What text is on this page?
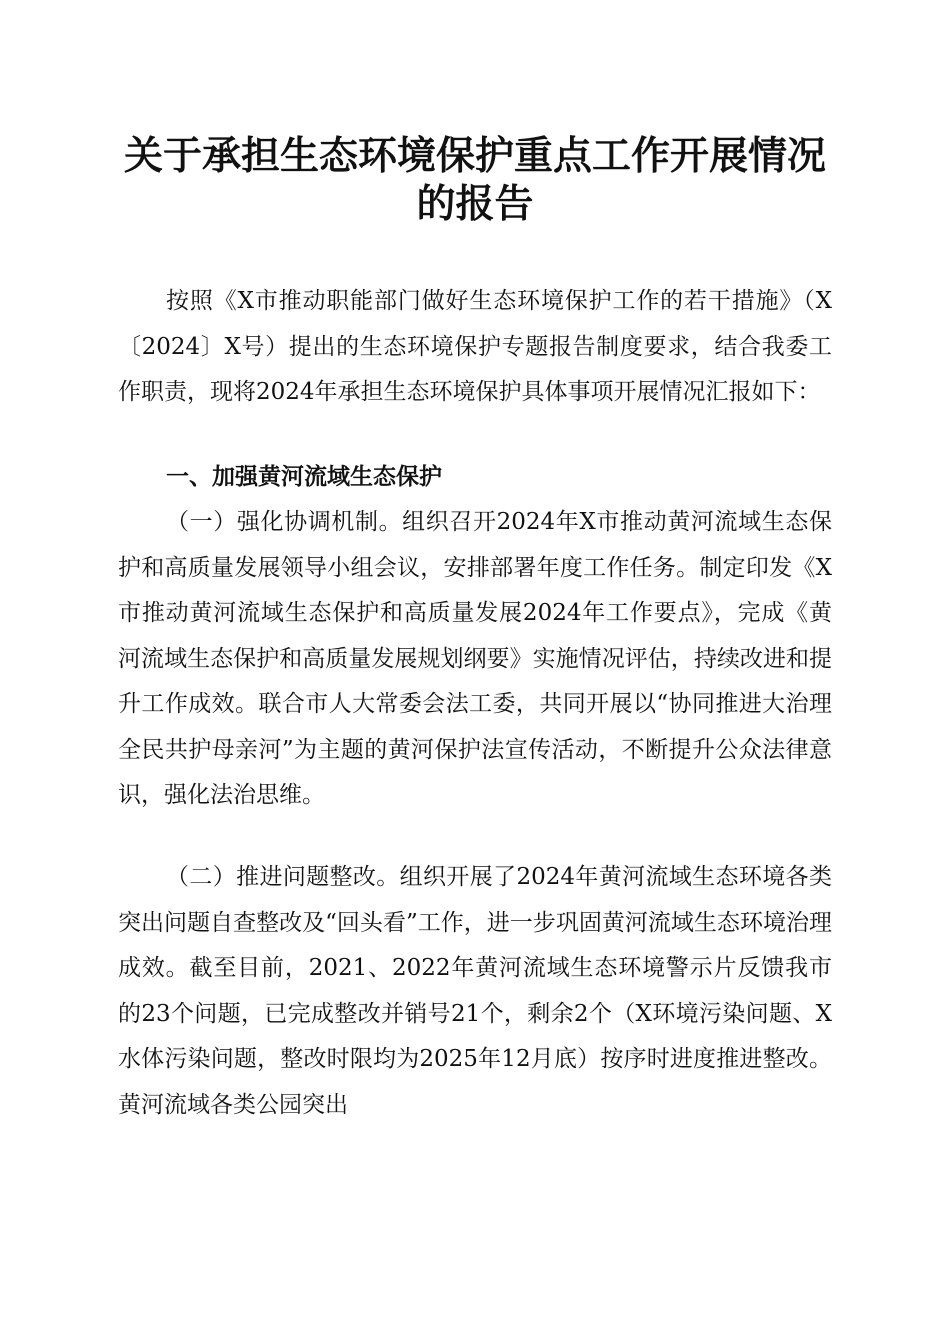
关于承担生态环境保护重点工作开展情况的报告

按照《X市推动职能部门做好生态环境保护工作的若干措施》（X〔2024〕X号）提出的生态环境保护专题报告制度要求，结合我委工作职责，现将2024年承担生态环境保护具体事项开展情况汇报如下：

一、加强黄河流域生态保护

（一）强化协调机制。组织召开2024年X市推动黄河流域生态保护和高质量发展领导小组会议，安排部署年度工作任务。制定印发《X市推动黄河流域生态保护和高质量发展2024年工作要点》，完成《黄河流域生态保护和高质量发展规划纲要》实施情况评估，持续改进和提升工作成效。联合市人大常委会法工委，共同开展以“协同推进大治理全民共护母亲河”为主题的黄河保护法宣传活动，不断提升公众法律意识，强化法治思维。

（二）推进问题整改。组织开展了2024年黄河流域生态环境各类突出问题自查整改及“回头看”工作，进一步巩固黄河流域生态环境治理成效。截至目前，2021、2022年黄河流域生态环境警示片反馈我市的23个问题，已完成整改并销号21个，剩余2个（X环境污染问题、X水体污染问题，整改时限均为2025年12月底）按序时进度推进整改。黄河流域各类公园突出
